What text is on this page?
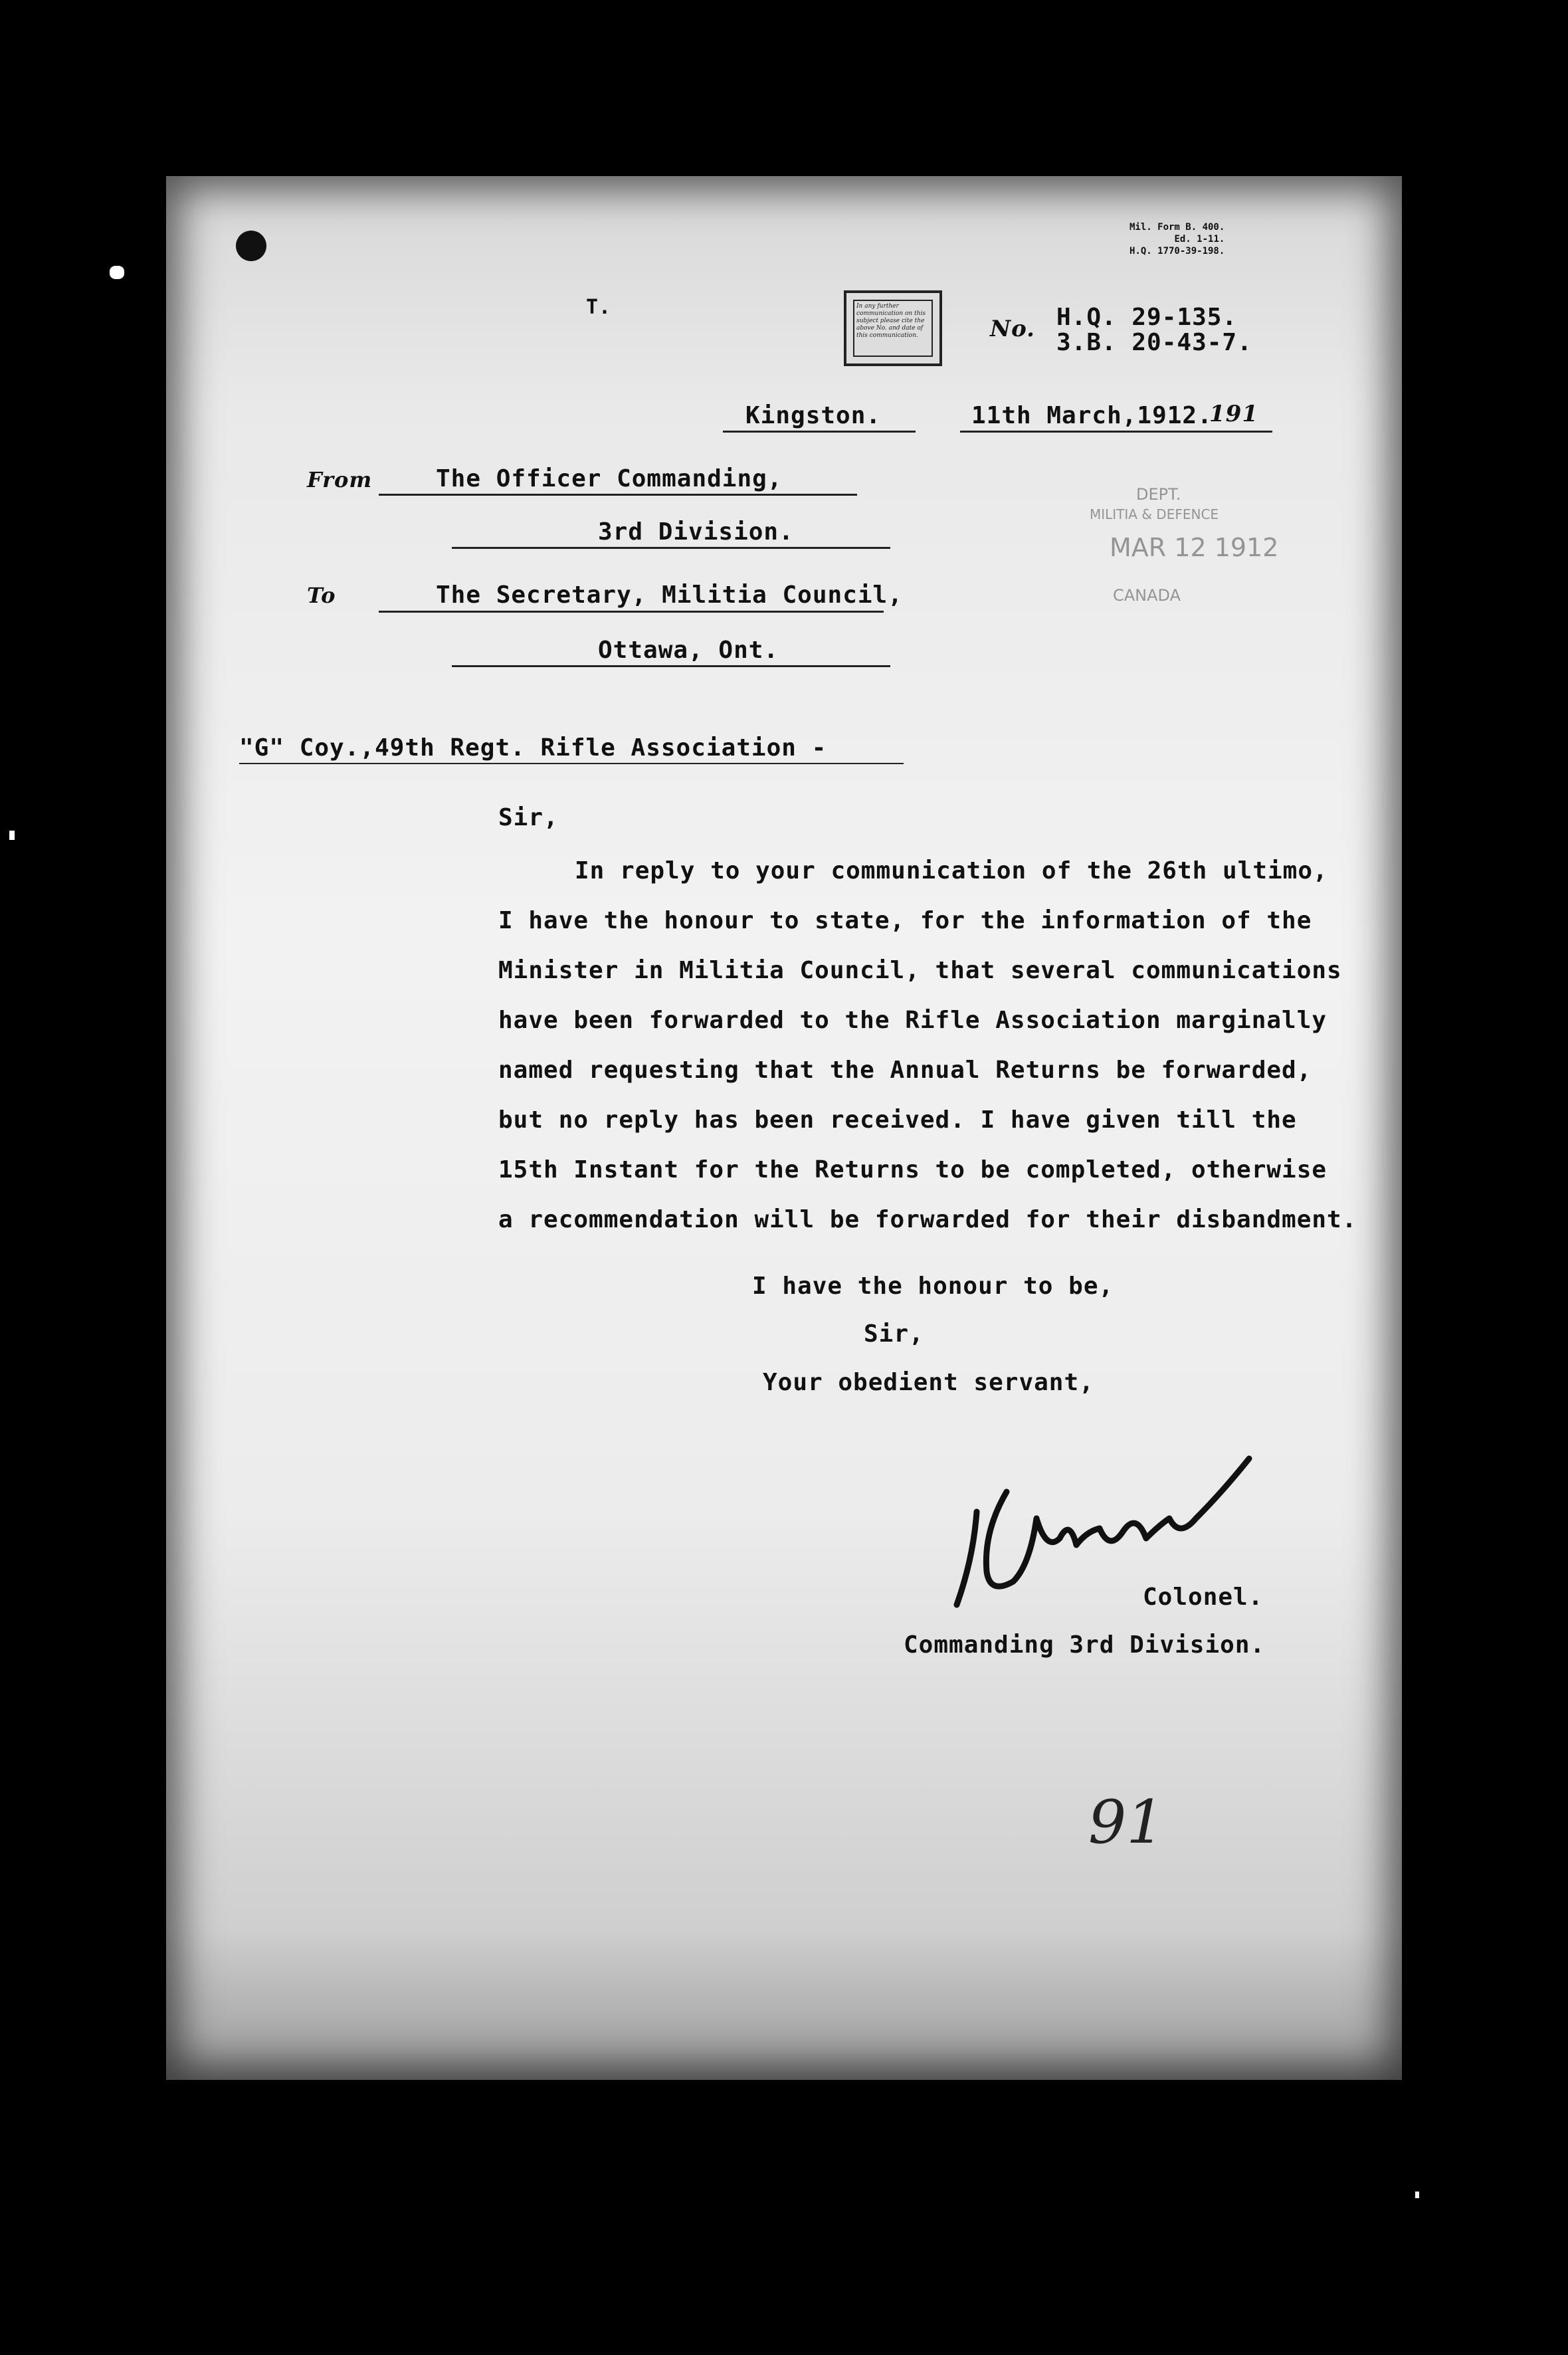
Mil. Form B. 400.
Ed. 1-11.
H.Q. 1770-39-198.
T.	In any further communication on this subject please cite the above No. and date of this communication.	No. H.Q. 29-135.
3.B. 20-43-7.
Kingston.	11th March,1912.
191
From	The Officer Commanding,
3rd Division.
To	The Secretary, Militia Council,
Ottawa, Ont.
DEPT.
MILITIA & DEFENCE
MAR 12 1912
CANADA
"G" Coy.,49th Regt. Rifle Association -
Sir,
In reply to your communication of the 26th ultimo,
I have the honour to state, for the information of the
Minister in Militia Council, that several communications
have been forwarded to the Rifle Association marginally
named requesting that the Annual Returns be forwarded,
but no reply has been received. I have given till the
15th Instant for the Returns to be completed, otherwise
a recommendation will be forwarded for their disbandment.
I have the honour to be,
Sir,
Your obedient servant,
Colonel.
Commanding 3rd Division.
91
